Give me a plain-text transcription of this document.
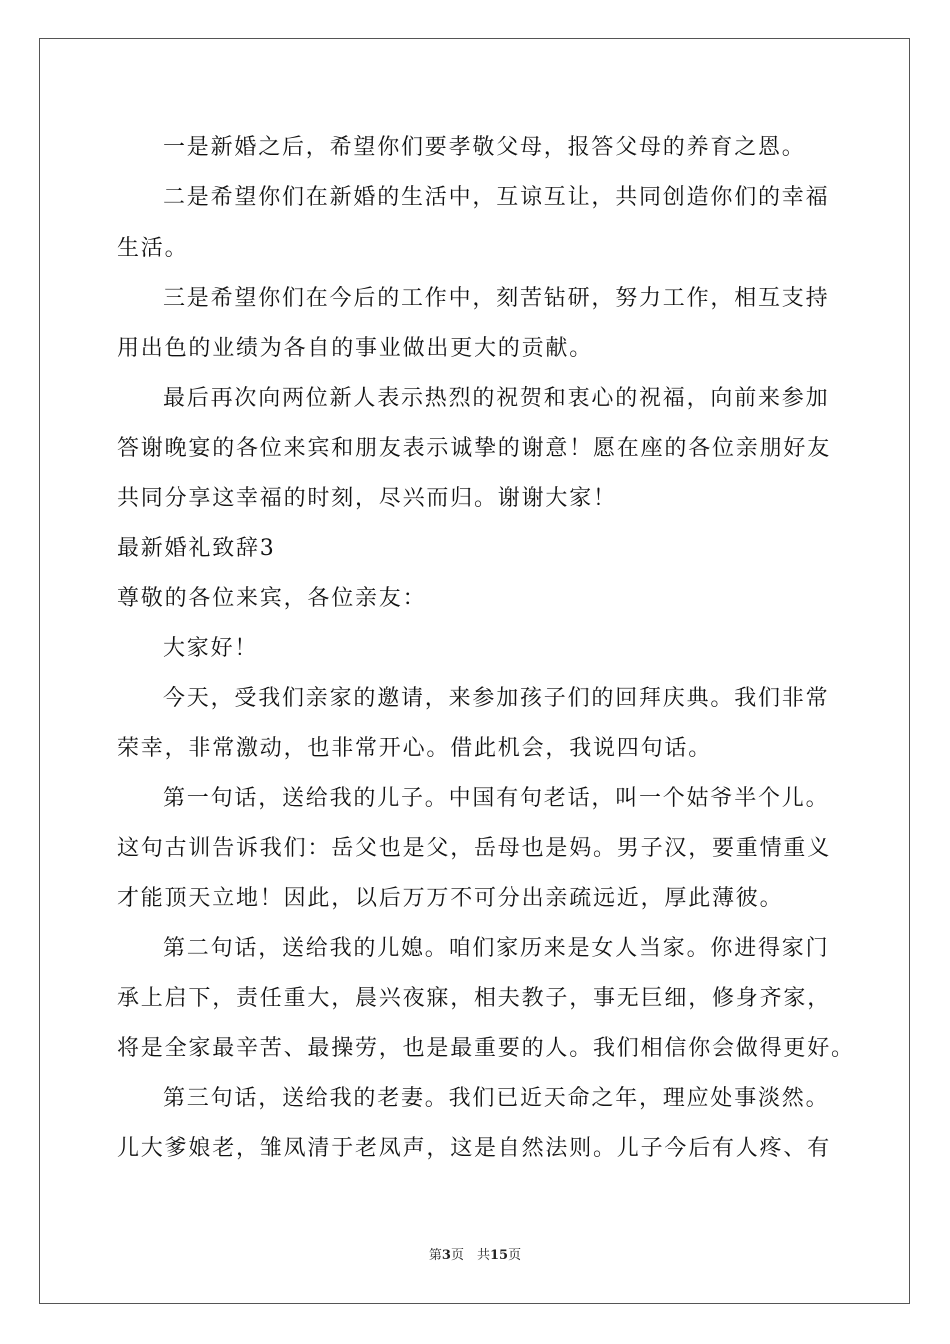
一是新婚之后，希望你们要孝敬父母，报答父母的养育之恩。
二是希望你们在新婚的生活中，互谅互让，共同创造你们的幸福
生活。
三是希望你们在今后的工作中，刻苦钻研，努力工作，相互支持
用出色的业绩为各自的事业做出更大的贡献。
最后再次向两位新人表示热烈的祝贺和衷心的祝福，向前来参加
答谢晚宴的各位来宾和朋友表示诚挚的谢意！愿在座的各位亲朋好友
共同分享这幸福的时刻，尽兴而归。谢谢大家！
最新婚礼致辞3
尊敬的各位来宾，各位亲友：
大家好！
今天，受我们亲家的邀请，来参加孩子们的回拜庆典。我们非常
荣幸，非常激动，也非常开心。借此机会，我说四句话。
第一句话，送给我的儿子。中国有句老话，叫一个姑爷半个儿。
这句古训告诉我们：岳父也是父，岳母也是妈。男子汉，要重情重义
才能顶天立地！因此，以后万万不可分出亲疏远近，厚此薄彼。
第二句话，送给我的儿媳。咱们家历来是女人当家。你进得家门
承上启下，责任重大，晨兴夜寐，相夫教子，事无巨细，修身齐家，
将是全家最辛苦、最操劳，也是最重要的人。我们相信你会做得更好。
第三句话，送给我的老妻。我们已近天命之年，理应处事淡然。
儿大爹娘老，雏凤清于老凤声，这是自然法则。儿子今后有人疼、有
第3页　共15页
